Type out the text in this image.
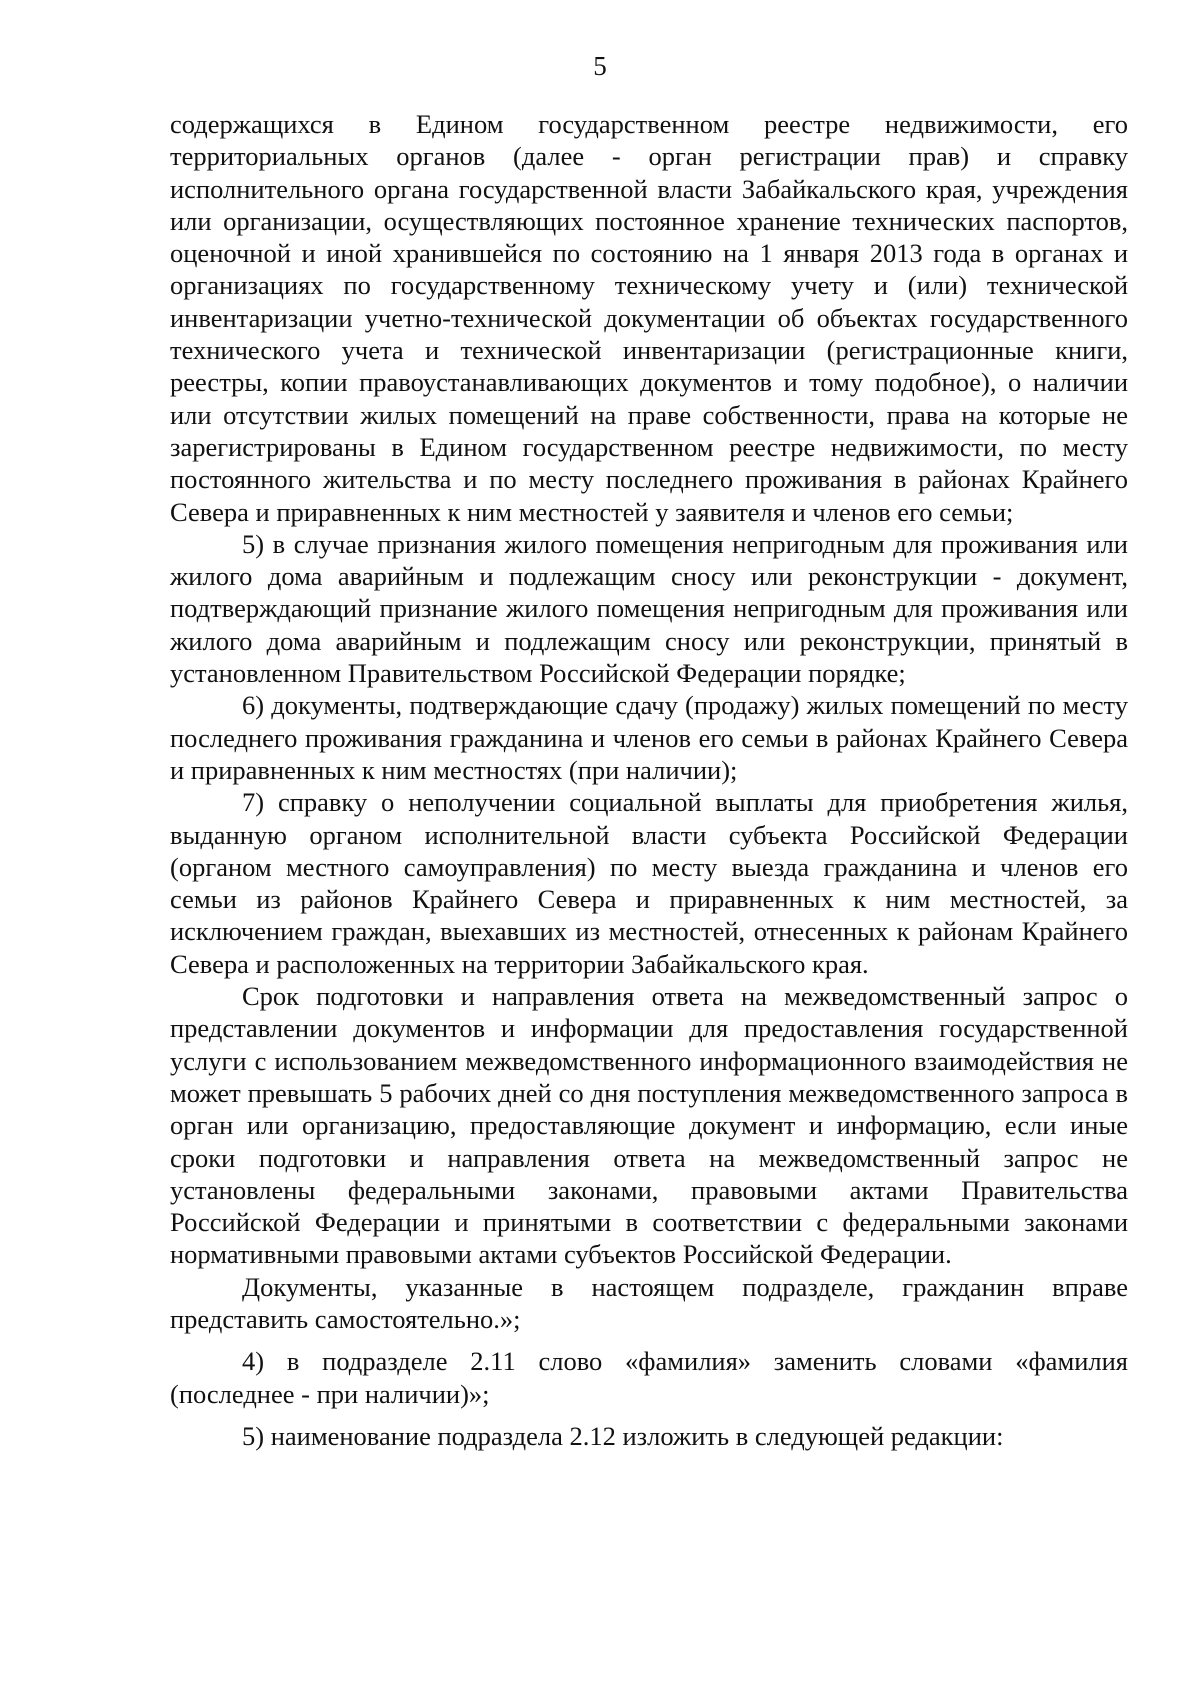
5

содержащихся в Едином государственном реестре недвижимости, его территориальных органов (далее - орган регистрации прав) и справку исполнительного органа государственной власти Забайкальского края, учреждения или организации, осуществляющих постоянное хранение технических паспортов, оценочной и иной хранившейся по состоянию на 1 января 2013 года в органах и организациях по государственному техническому учету и (или) технической инвентаризации учетно-технической документации об объектах государственного технического учета и технической инвентаризации (регистрационные книги, реестры, копии правоустанавливающих документов и тому подобное), о наличии или отсутствии жилых помещений на праве собственности, права на которые не зарегистрированы в Едином государственном реестре недвижимости, по месту постоянного жительства и по месту последнего проживания в районах Крайнего Севера и приравненных к ним местностей у заявителя и членов его семьи;

5) в случае признания жилого помещения непригодным для проживания или жилого дома аварийным и подлежащим сносу или реконструкции - документ, подтверждающий признание жилого помещения непригодным для проживания или жилого дома аварийным и подлежащим сносу или реконструкции, принятый в установленном Правительством Российской Федерации порядке;

6) документы, подтверждающие сдачу (продажу) жилых помещений по месту последнего проживания гражданина и членов его семьи в районах Крайнего Севера и приравненных к ним местностях (при наличии);

7) справку о неполучении социальной выплаты для приобретения жилья, выданную органом исполнительной власти субъекта Российской Федерации (органом местного самоуправления) по месту выезда гражданина и членов его семьи из районов Крайнего Севера и приравненных к ним местностей, за исключением граждан, выехавших из местностей, отнесенных к районам Крайнего Севера и расположенных на территории Забайкальского края.

Срок подготовки и направления ответа на межведомственный запрос о представлении документов и информации для предоставления государственной услуги с использованием межведомственного информационного взаимодействия не может превышать 5 рабочих дней со дня поступления межведомственного запроса в орган или организацию, предоставляющие документ и информацию, если иные сроки подготовки и направления ответа на межведомственный запрос не установлены федеральными законами, правовыми актами Правительства Российской Федерации и принятыми в соответствии с федеральными законами нормативными правовыми актами субъектов Российской Федерации.

Документы, указанные в настоящем подразделе, гражданин вправе представить самостоятельно.»;

4) в подразделе 2.11 слово «фамилия» заменить словами «фамилия (последнее - при наличии)»;

5) наименование подраздела 2.12 изложить в следующей редакции:
